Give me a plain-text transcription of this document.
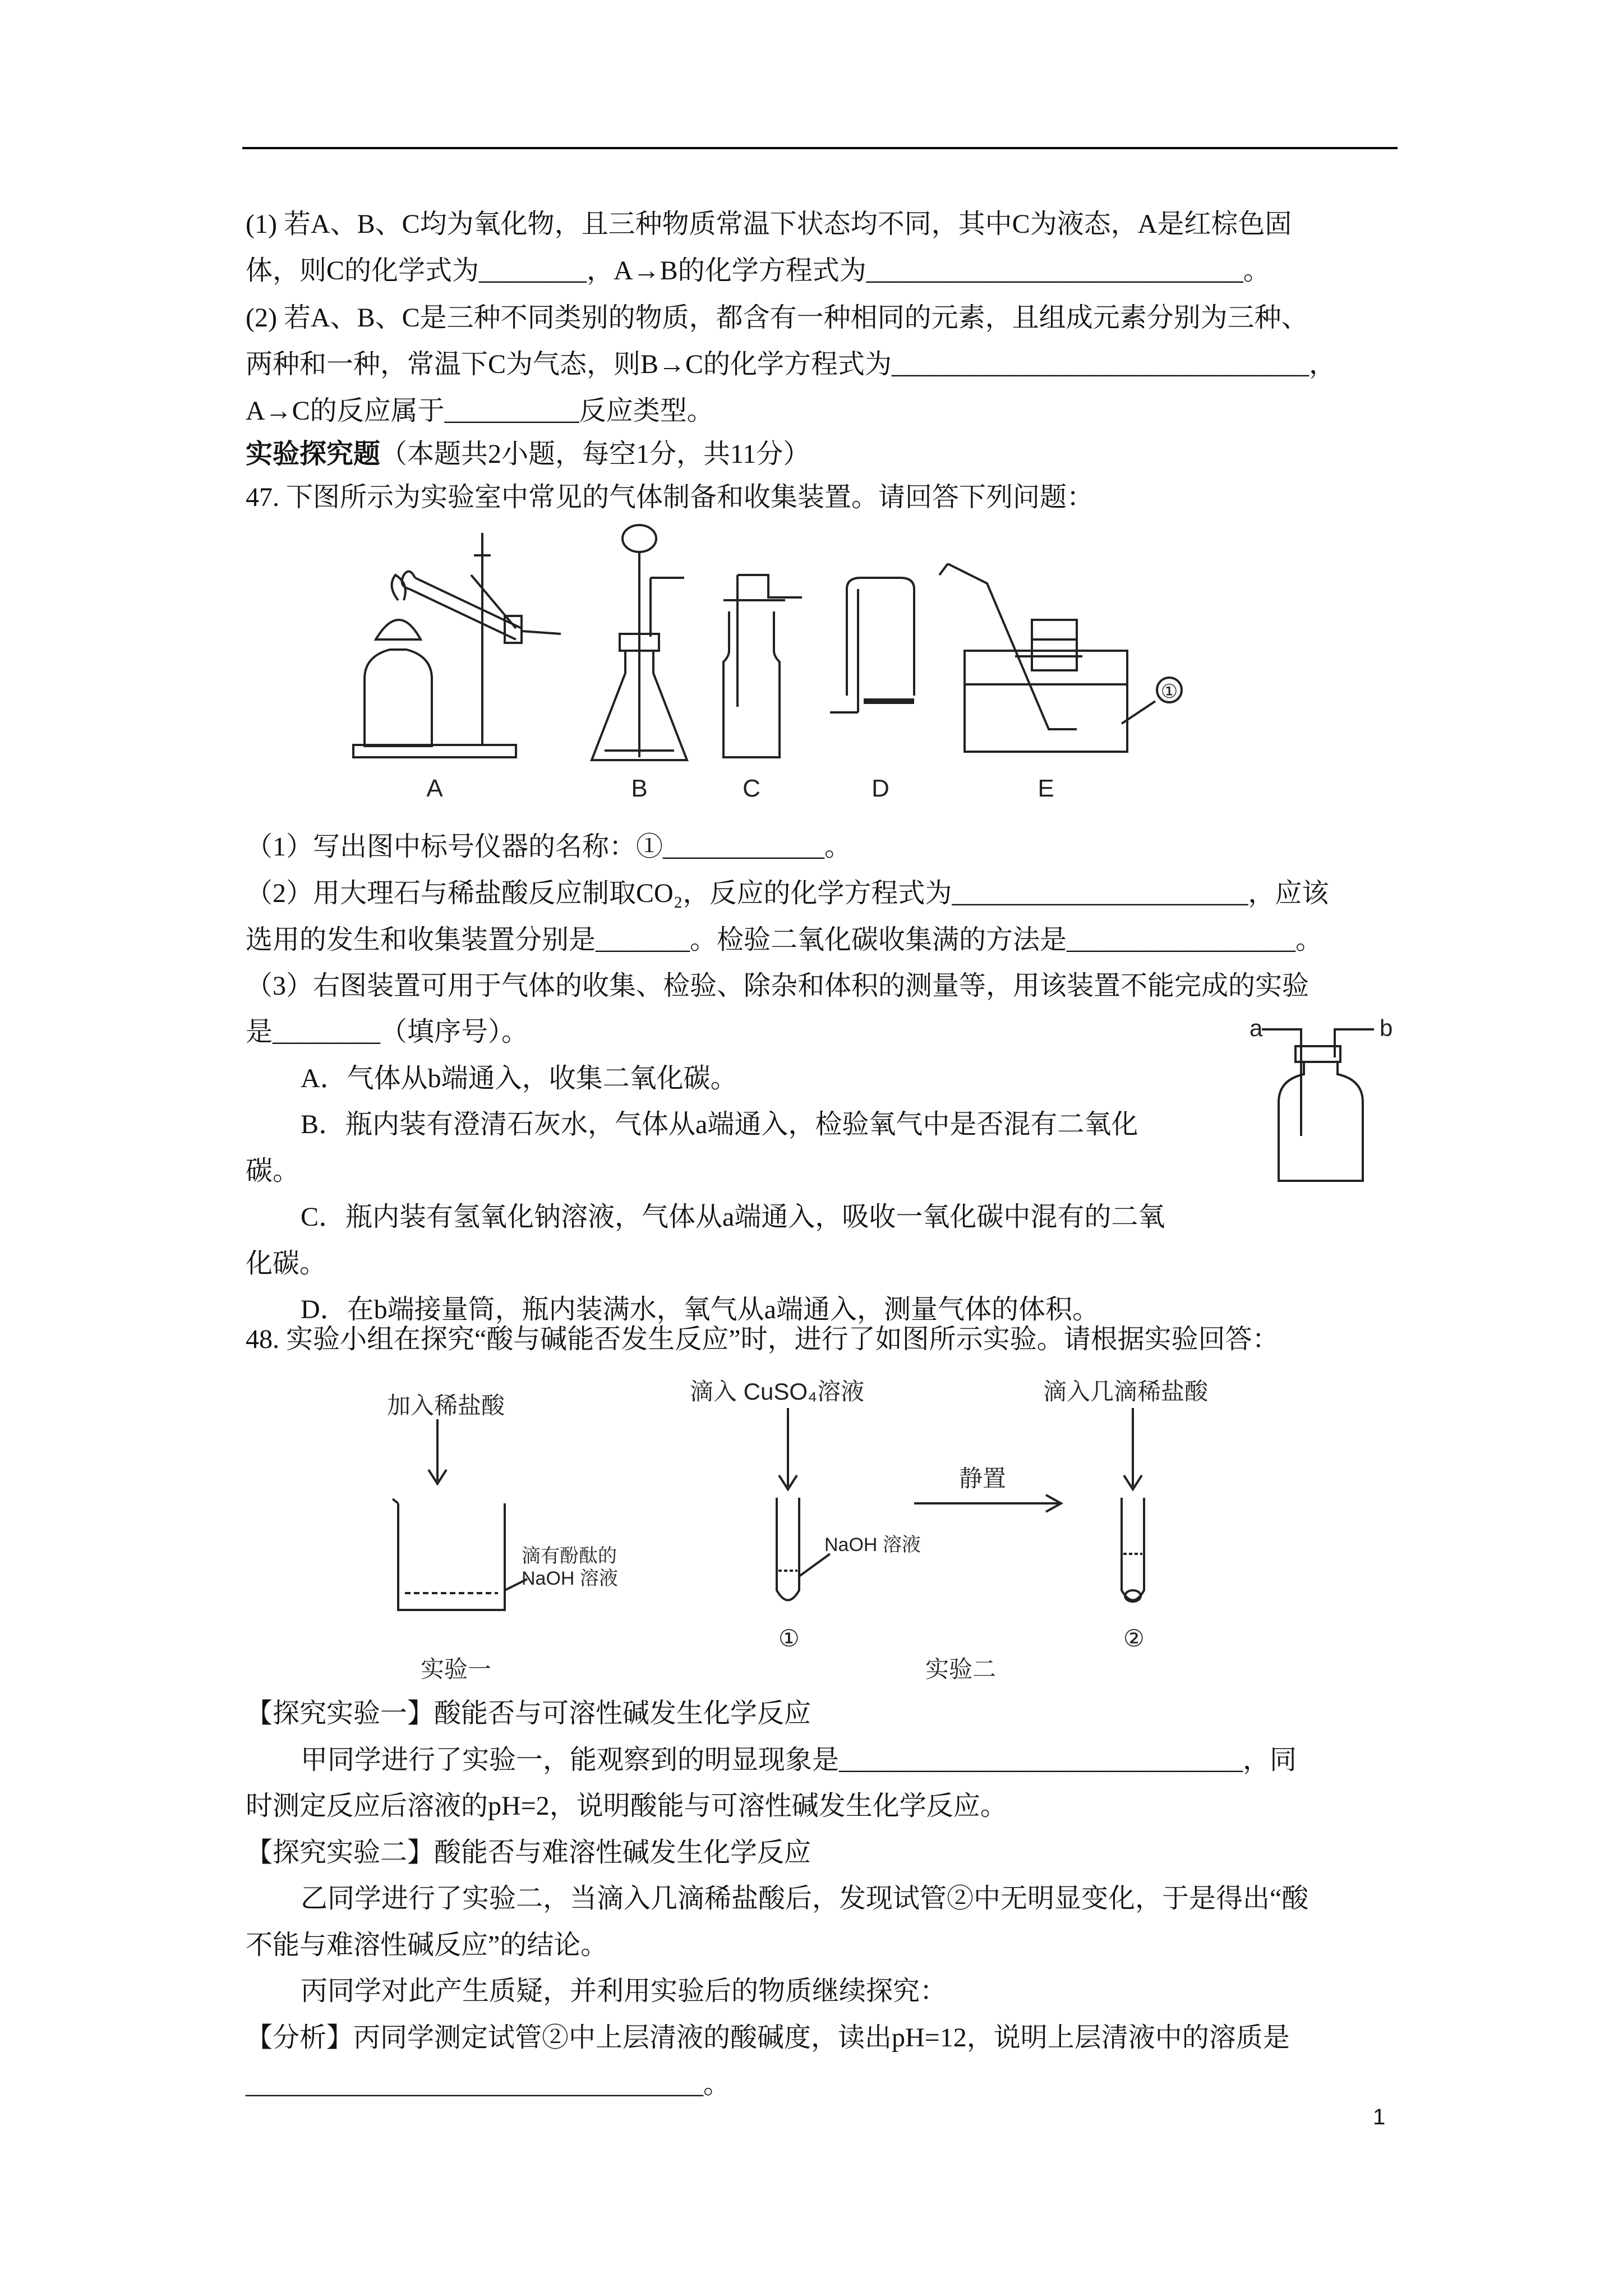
(1) 若A、B、C均为氧化物，且三种物质常温下状态均不同，其中C为液态，A是红棕色固
体，则C的化学式为________，A→B的化学方程式为____________________________。
(2) 若A、B、C是三种不同类别的物质，都含有一种相同的元素，且组成元素分别为三种、
两种和一种，常温下C为气态，则B→C的化学方程式为_______________________________，
A→C的反应属于__________反应类型。
实验探究题（本题共2小题，每空1分，共11分）
47. 下图所示为实验室中常见的气体制备和收集装置。请回答下列问题：
A	B	C	D	E
①
（1）写出图中标号仪器的名称：①____________。
（2）用大理石与稀盐酸反应制取CO₂，反应的化学方程式为______________________，应该
选用的发生和收集装置分别是_______。检验二氧化碳收集满的方法是_________________。
（3）右图装置可用于气体的收集、检验、除杂和体积的测量等，用该装置不能完成的实验
是________（填序号）。
A．气体从b端通入，收集二氧化碳。
B．瓶内装有澄清石灰水，气体从a端通入，检验氧气中是否混有二氧化
碳。
C．瓶内装有氢氧化钠溶液，气体从a端通入，吸收一氧化碳中混有的二氧
化碳。
D．在b端接量筒，瓶内装满水，氧气从a端通入，测量气体的体积。
a	b
48. 实验小组在探究“酸与碱能否发生反应”时，进行了如图所示实验。请根据实验回答：
加入稀盐酸
滴有酚酞的
NaOH 溶液
滴入 CuSO₄溶液
NaOH 溶液
静置
滴入几滴稀盐酸
①	②
实验一	实验二
【探究实验一】酸能否与可溶性碱发生化学反应
甲同学进行了实验一，能观察到的明显现象是______________________________，同
时测定反应后溶液的pH=2，说明酸能与可溶性碱发生化学反应。
【探究实验二】酸能否与难溶性碱发生化学反应
乙同学进行了实验二，当滴入几滴稀盐酸后，发现试管②中无明显变化，于是得出“酸
不能与难溶性碱反应”的结论。
丙同学对此产生质疑，并利用实验后的物质继续探究：
【分析】丙同学测定试管②中上层清液的酸碱度，读出pH=12，说明上层清液中的溶质是
__________________________________。
1
